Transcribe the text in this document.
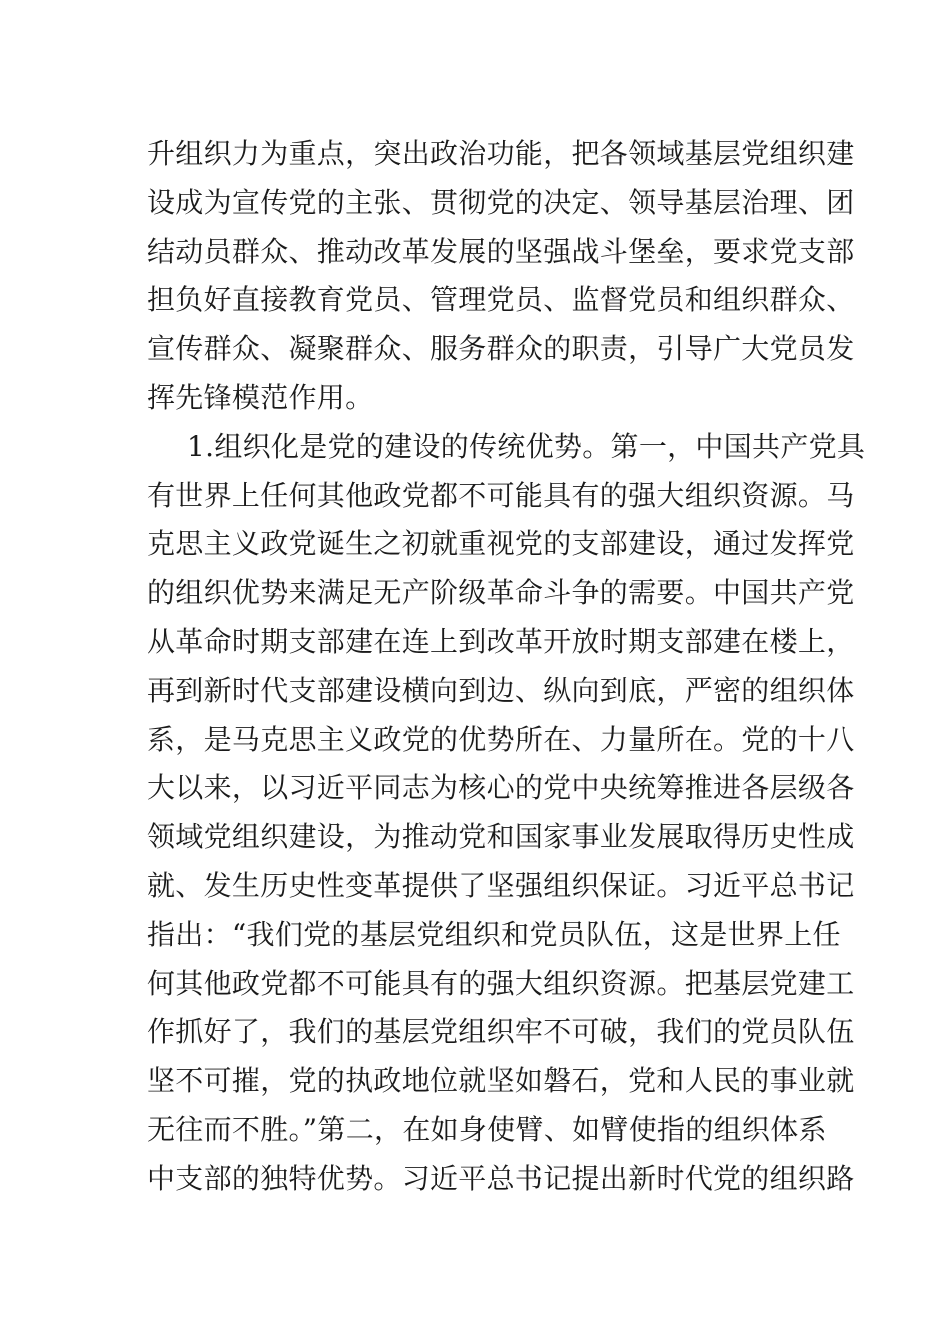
升组织力为重点，突出政治功能，把各领域基层党组织建
设成为宣传党的主张、贯彻党的决定、领导基层治理、团
结动员群众、推动改革发展的坚强战斗堡垒，要求党支部
担负好直接教育党员、管理党员、监督党员和组织群众、
宣传群众、凝聚群众、服务群众的职责，引导广大党员发
挥先锋模范作用。
1.组织化是党的建设的传统优势。第一，中国共产党具
有世界上任何其他政党都不可能具有的强大组织资源。马
克思主义政党诞生之初就重视党的支部建设，通过发挥党
的组织优势来满足无产阶级革命斗争的需要。中国共产党
从革命时期支部建在连上到改革开放时期支部建在楼上，
再到新时代支部建设横向到边、纵向到底，严密的组织体
系，是马克思主义政党的优势所在、力量所在。党的十八
大以来，以习近平同志为核心的党中央统筹推进各层级各
领域党组织建设，为推动党和国家事业发展取得历史性成
就、发生历史性变革提供了坚强组织保证。习近平总书记
指出：“我们党的基层党组织和党员队伍，这是世界上任
何其他政党都不可能具有的强大组织资源。把基层党建工
作抓好了，我们的基层党组织牢不可破，我们的党员队伍
坚不可摧，党的执政地位就坚如磐石，党和人民的事业就
无往而不胜。”第二，在如身使臂、如臂使指的组织体系
中支部的独特优势。习近平总书记提出新时代党的组织路
